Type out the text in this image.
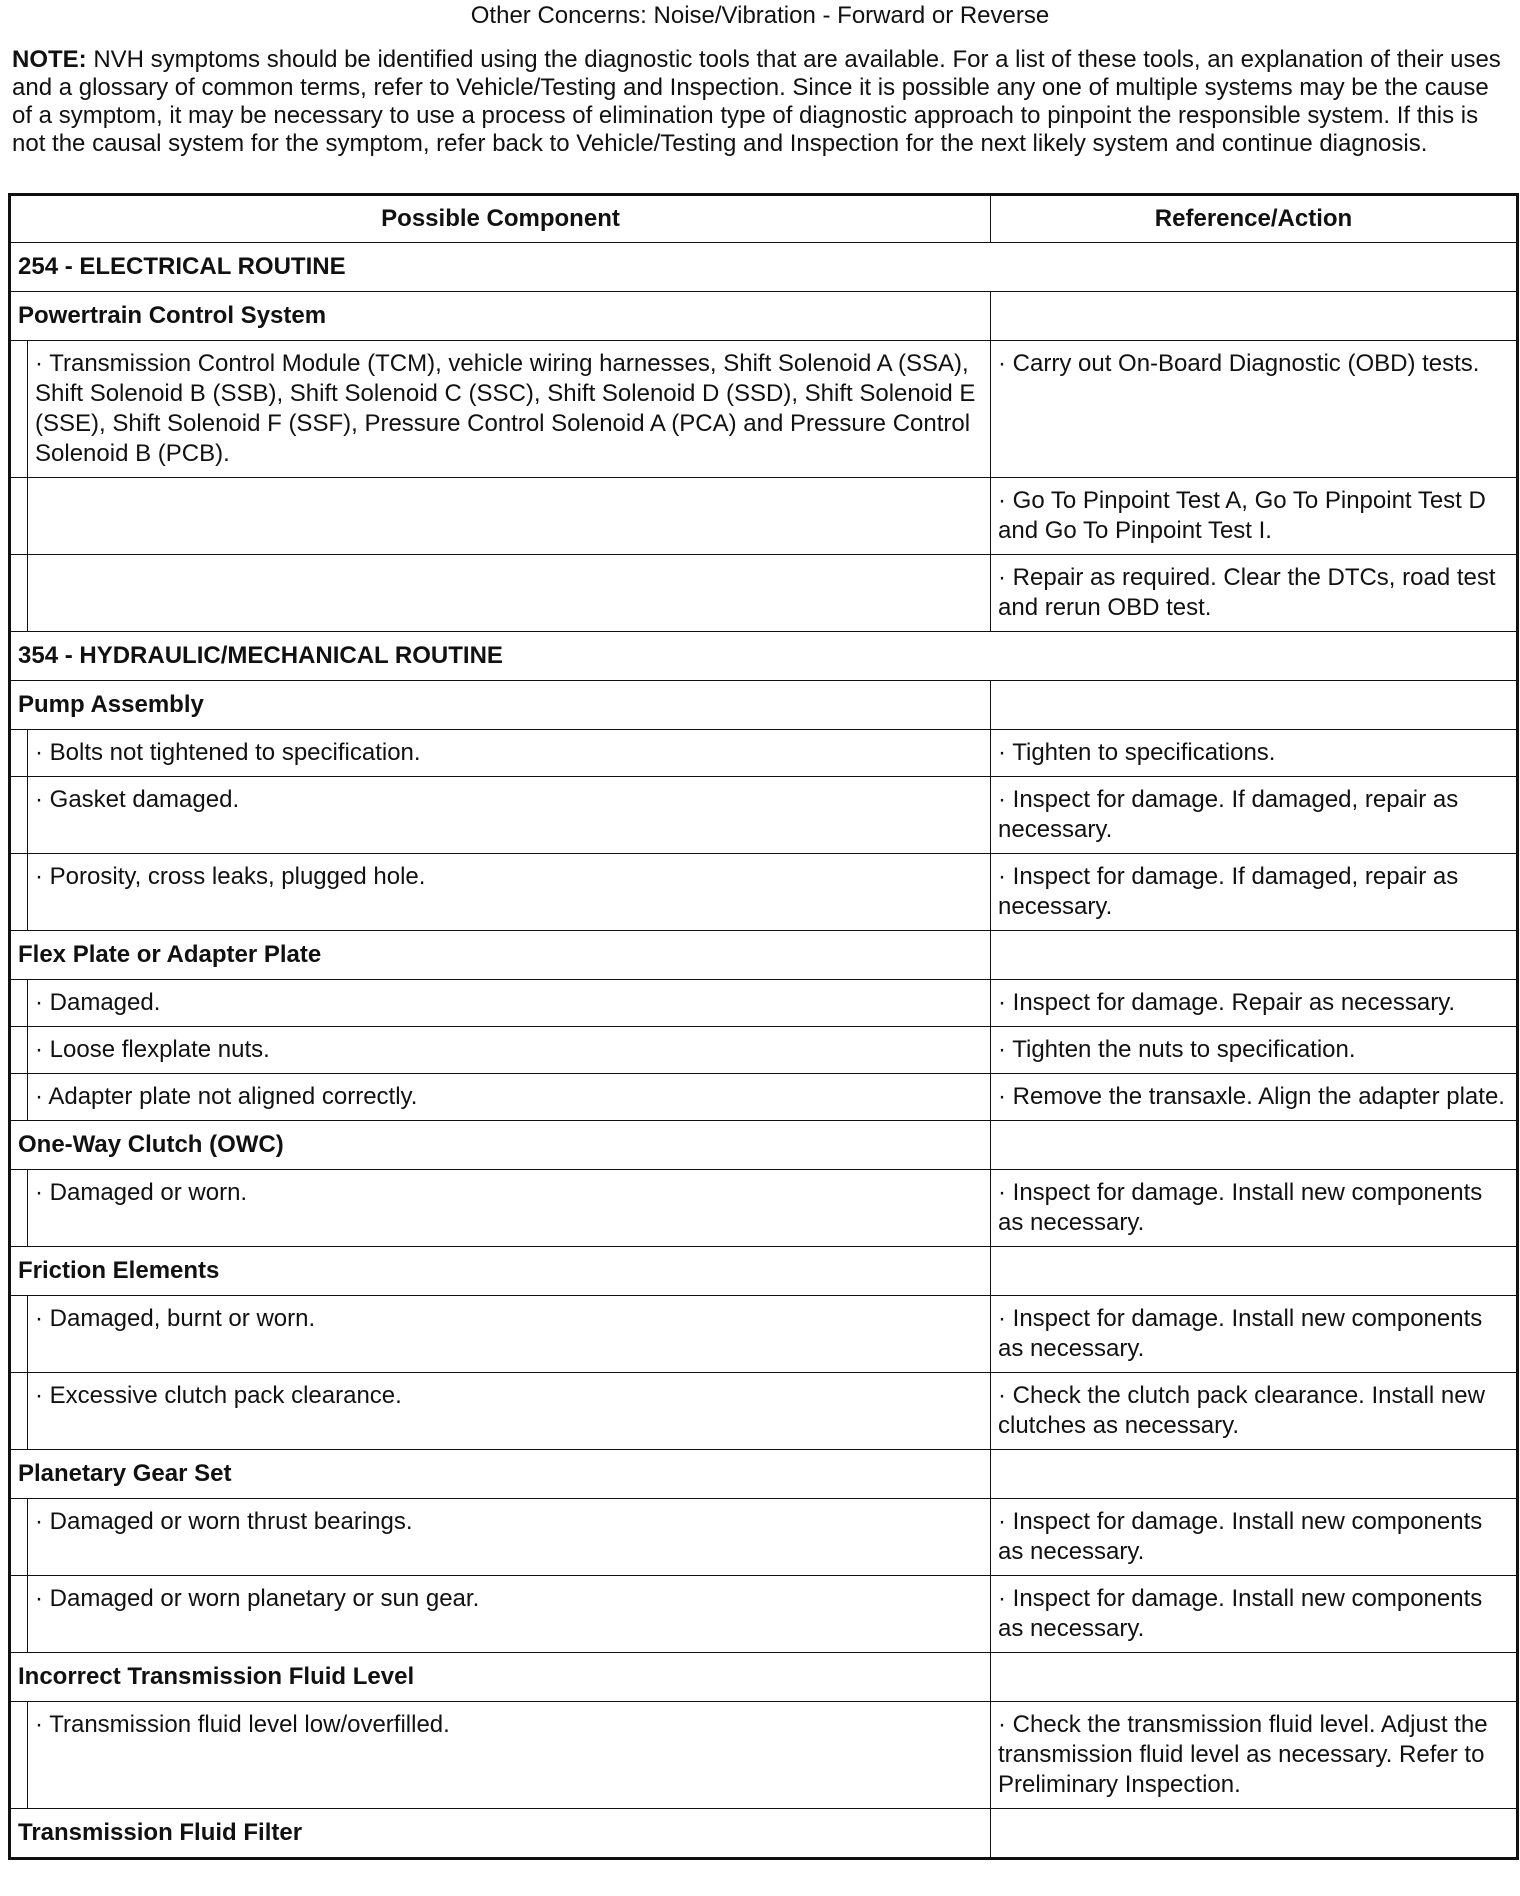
Other Concerns: Noise/Vibration - Forward or Reverse
NOTE: NVH symptoms should be identified using the diagnostic tools that are available. For a list of these tools, an explanation of their uses and a glossary of common terms, refer to Vehicle/Testing and Inspection. Since it is possible any one of multiple systems may be the cause of a symptom, it may be necessary to use a process of elimination type of diagnostic approach to pinpoint the responsible system. If this is not the causal system for the symptom, refer back to Vehicle/Testing and Inspection for the next likely system and continue diagnosis.
Possible Component		Reference/Action
254 - ELECTRICAL ROUTINE		
Powertrain Control System		
	· Transmission Control Module (TCM), vehicle wiring harnesses, Shift Solenoid A (SSA), Shift Solenoid B (SSB), Shift Solenoid C (SSC), Shift Solenoid D (SSD), Shift Solenoid E (SSE), Shift Solenoid F (SSF), Pressure Control Solenoid A (PCA) and Pressure Control Solenoid B (PCB).	· Carry out On-Board Diagnostic (OBD) tests.
		· Go To Pinpoint Test A, Go To Pinpoint Test D and Go To Pinpoint Test I.
		· Repair as required. Clear the DTCs, road test and rerun OBD test.
354 - HYDRAULIC/MECHANICAL ROUTINE		
Pump Assembly		
	· Bolts not tightened to specification.	· Tighten to specifications.
	· Gasket damaged.	· Inspect for damage. If damaged, repair as necessary.
	· Porosity, cross leaks, plugged hole.	· Inspect for damage. If damaged, repair as necessary.
Flex Plate or Adapter Plate		
	· Damaged.	· Inspect for damage. Repair as necessary.
	· Loose flexplate nuts.	· Tighten the nuts to specification.
	· Adapter plate not aligned correctly.	· Remove the transaxle. Align the adapter plate.
One-Way Clutch (OWC)		
	· Damaged or worn.	· Inspect for damage. Install new components as necessary.
Friction Elements		
	· Damaged, burnt or worn.	· Inspect for damage. Install new components as necessary.
	· Excessive clutch pack clearance.	· Check the clutch pack clearance. Install new clutches as necessary.
Planetary Gear Set		
	· Damaged or worn thrust bearings.	· Inspect for damage. Install new components as necessary.
	· Damaged or worn planetary or sun gear.	· Inspect for damage. Install new components as necessary.
Incorrect Transmission Fluid Level		
	· Transmission fluid level low/overfilled.	· Check the transmission fluid level. Adjust the transmission fluid level as necessary. Refer to Preliminary Inspection.
Transmission Fluid Filter		
